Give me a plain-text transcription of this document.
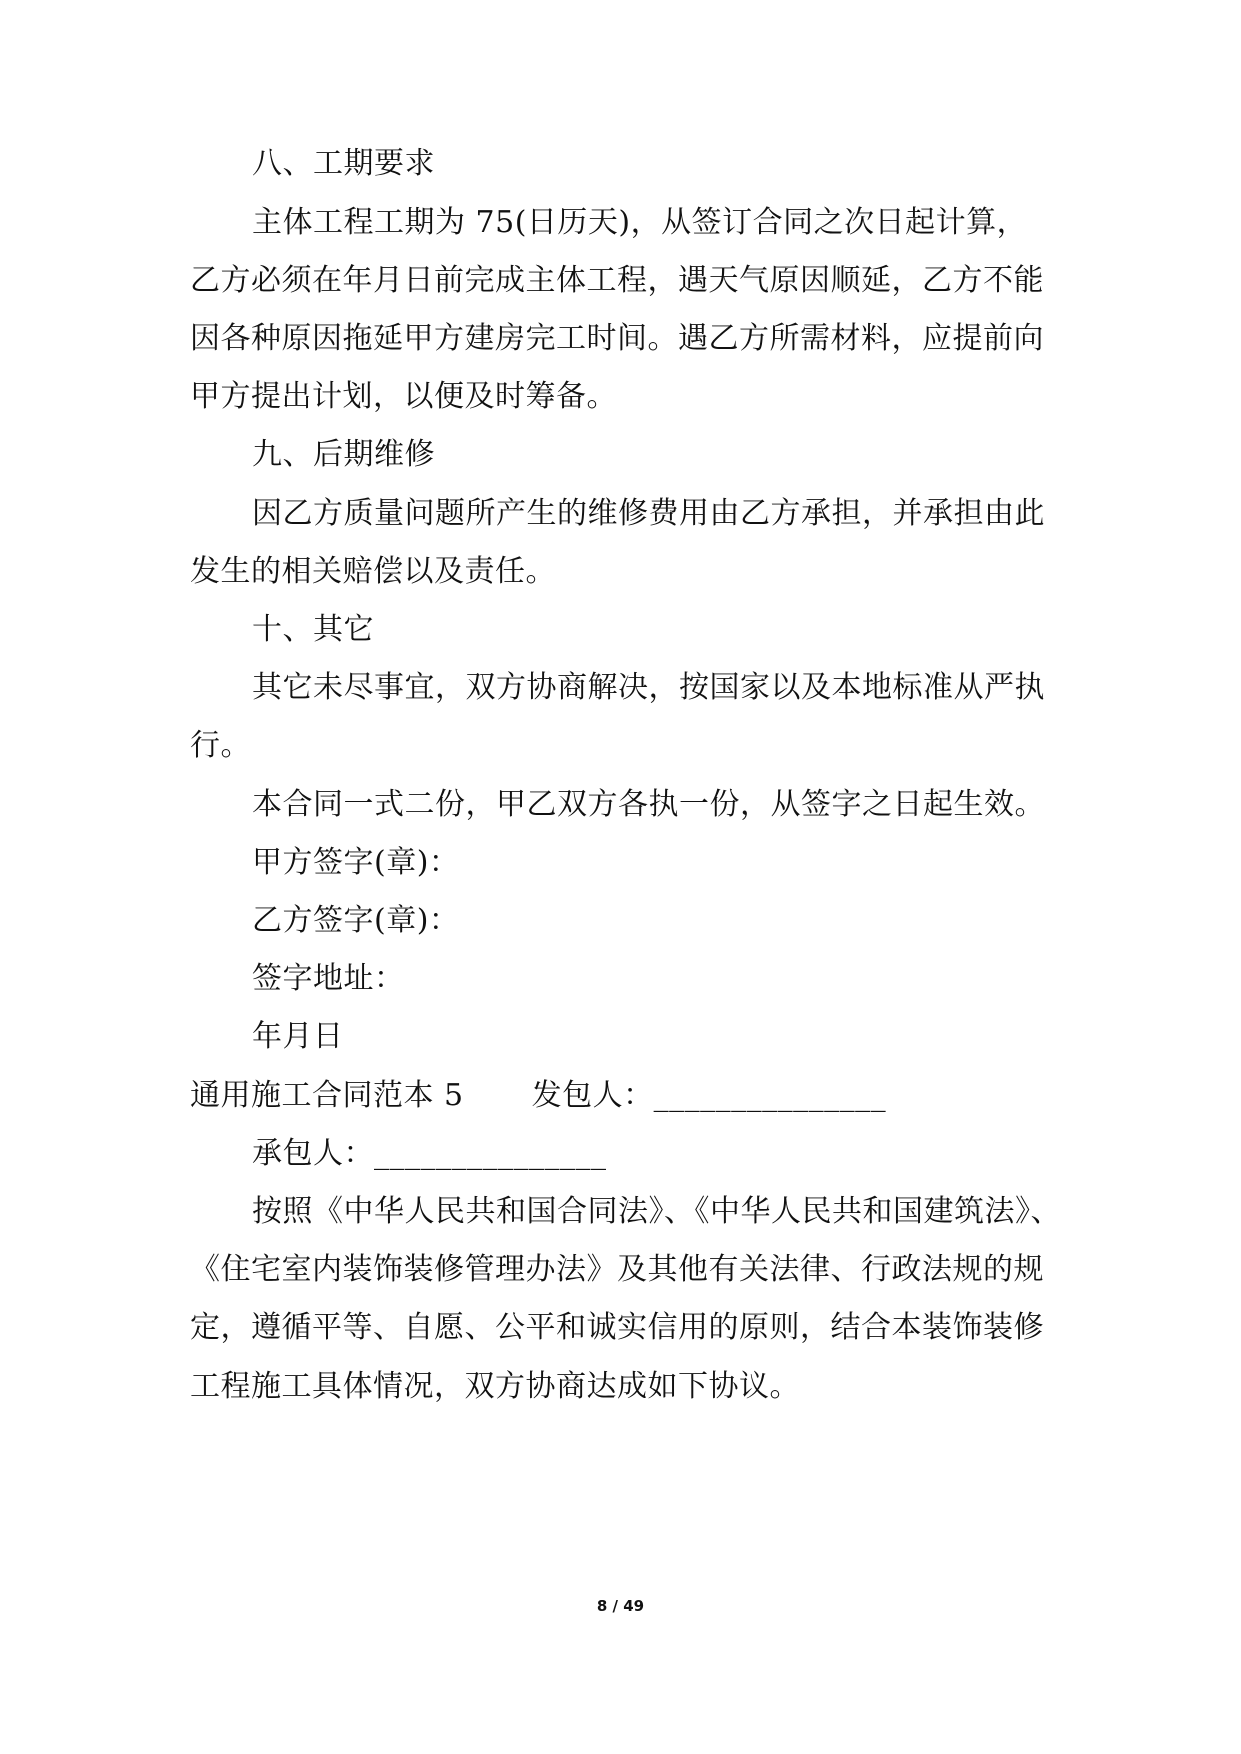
八、工期要求
主体工程工期为 75(日历天)，从签订合同之次日起计算，
乙方必须在年月日前完成主体工程，遇天气原因顺延，乙方不能
因各种原因拖延甲方建房完工时间。遇乙方所需材料，应提前向
甲方提出计划，以便及时筹备。
九、后期维修
因乙方质量问题所产生的维修费用由乙方承担，并承担由此
发生的相关赔偿以及责任。
十、其它
其它未尽事宜，双方协商解决，按国家以及本地标准从严执
行。
本合同一式二份，甲乙双方各执一份，从签字之日起生效。
甲方签字(章)：
乙方签字(章)：
签字地址：
年月日
通用施工合同范本 5 发包人：_______________
承包人：_______________
按照《中华人民共和国合同法》、《中华人民共和国建筑法》、
《住宅室内装饰装修管理办法》及其他有关法律、行政法规的规
定，遵循平等、自愿、公平和诚实信用的原则，结合本装饰装修
工程施工具体情况，双方协商达成如下协议。
8 / 49
